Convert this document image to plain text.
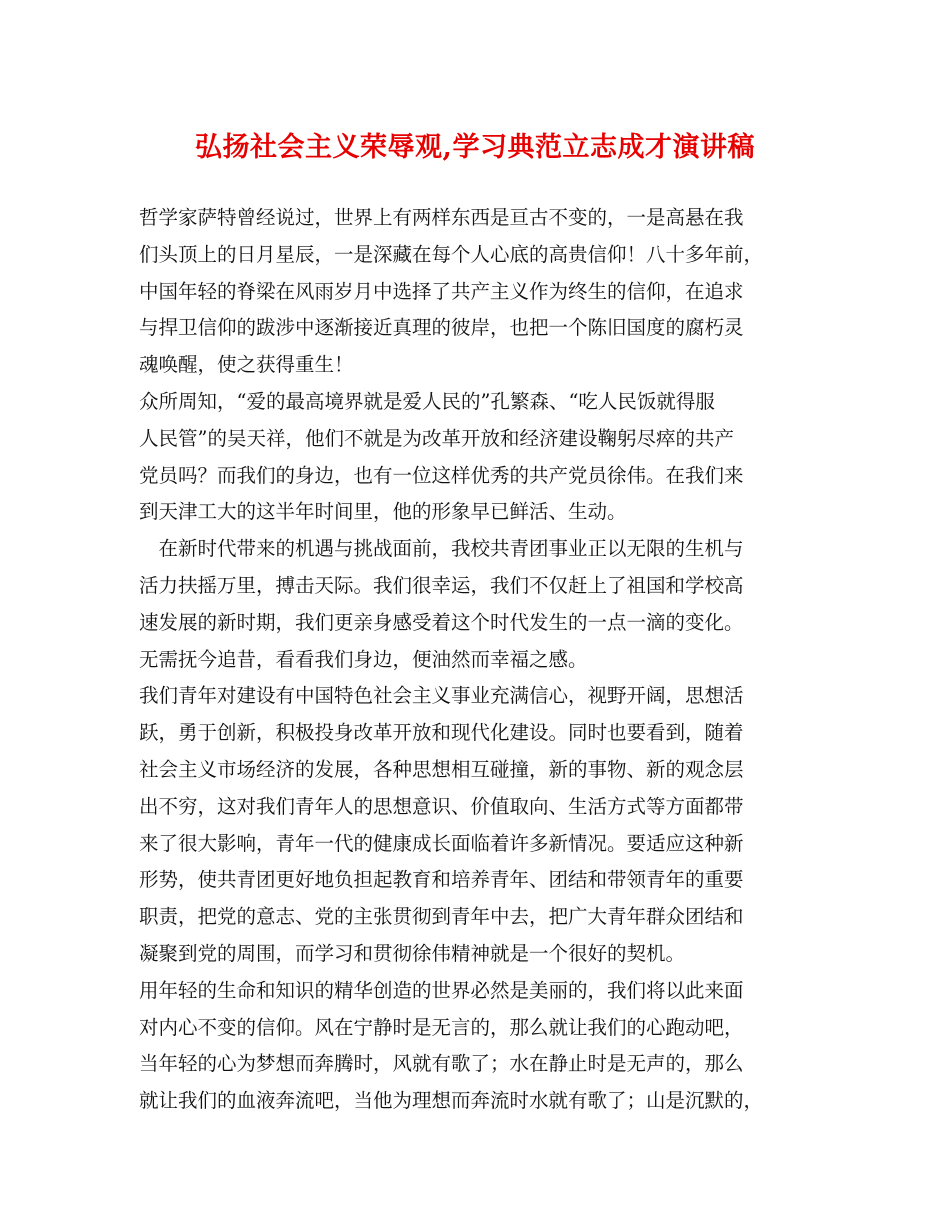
弘扬社会主义荣辱观,学习典范立志成才演讲稿
哲学家萨特曾经说过，世界上有两样东西是亘古不变的，一是高悬在我
们头顶上的日月星辰，一是深藏在每个人心底的高贵信仰！八十多年前，
中国年轻的脊梁在风雨岁月中选择了共产主义作为终生的信仰，在追求
与捍卫信仰的跋涉中逐渐接近真理的彼岸，也把一个陈旧国度的腐朽灵
魂唤醒，使之获得重生！
众所周知，“爱的最高境界就是爱人民的”孔繁森、“吃人民饭就得服
人民管”的吴天祥，他们不就是为改革开放和经济建设鞠躬尽瘁的共产
党员吗？而我们的身边，也有一位这样优秀的共产党员徐伟。在我们来
到天津工大的这半年时间里，他的形象早已鲜活、生动。
　在新时代带来的机遇与挑战面前，我校共青团事业正以无限的生机与
活力扶摇万里，搏击天际。我们很幸运，我们不仅赶上了祖国和学校高
速发展的新时期，我们更亲身感受着这个时代发生的一点一滴的变化。
无需抚今追昔，看看我们身边，便油然而幸福之感。
我们青年对建设有中国特色社会主义事业充满信心，视野开阔，思想活
跃，勇于创新，积极投身改革开放和现代化建设。同时也要看到，随着
社会主义市场经济的发展，各种思想相互碰撞，新的事物、新的观念层
出不穷，这对我们青年人的思想意识、价值取向、生活方式等方面都带
来了很大影响，青年一代的健康成长面临着许多新情况。要适应这种新
形势，使共青团更好地负担起教育和培养青年、团结和带领青年的重要
职责，把党的意志、党的主张贯彻到青年中去，把广大青年群众团结和
凝聚到党的周围，而学习和贯彻徐伟精神就是一个很好的契机。
用年轻的生命和知识的精华创造的世界必然是美丽的，我们将以此来面
对内心不变的信仰。风在宁静时是无言的，那么就让我们的心跑动吧，
当年轻的心为梦想而奔腾时，风就有歌了；水在静止时是无声的，那么
就让我们的血液奔流吧，当他为理想而奔流时水就有歌了；山是沉默的，
